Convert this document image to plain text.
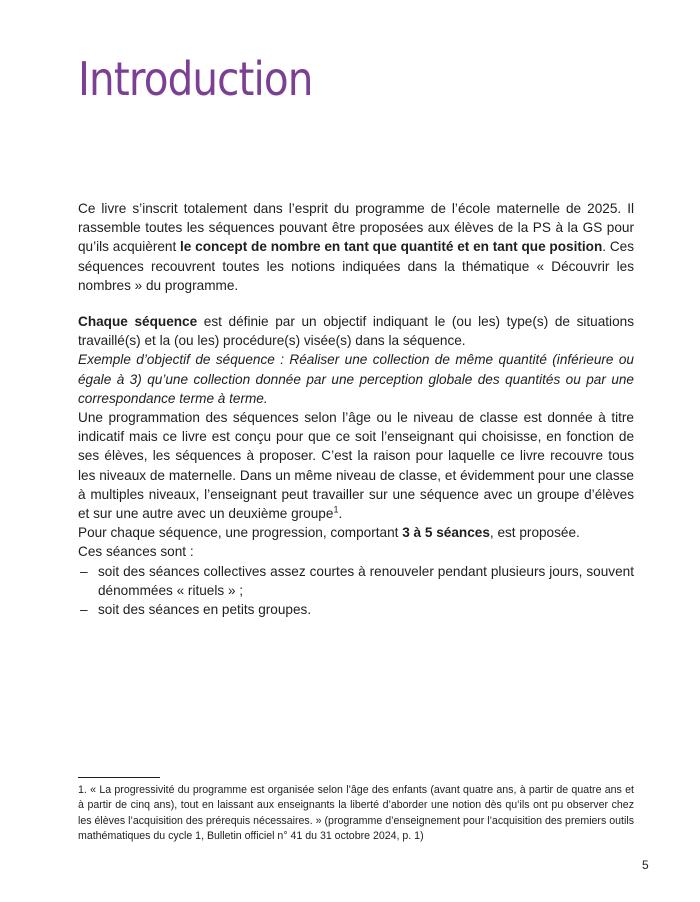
Introduction

Ce livre s’inscrit totalement dans l’esprit du programme de l’école maternelle de 2025. Il rassemble toutes les séquences pouvant être proposées aux élèves de la PS à la GS pour qu’ils acquièrent le concept de nombre en tant que quantité et en tant que position. Ces séquences recouvrent toutes les notions indiquées dans la thématique « Découvrir les nombres » du programme.

Chaque séquence est définie par un objectif indiquant le (ou les) type(s) de situations travaillé(s) et la (ou les) procédure(s) visée(s) dans la séquence.

Exemple d’objectif de séquence : Réaliser une collection de même quantité (inférieure ou égale à 3) qu’une collection donnée par une perception globale des quantités ou par une correspondance terme à terme.

Une programmation des séquences selon l’âge ou le niveau de classe est donnée à titre indicatif mais ce livre est conçu pour que ce soit l’enseignant qui choisisse, en fonction de ses élèves, les séquences à proposer. C’est la raison pour laquelle ce livre recouvre tous les niveaux de maternelle. Dans un même niveau de classe, et évidemment pour une classe à multiples niveaux, l’enseignant peut travailler sur une séquence avec un groupe d’élèves et sur une autre avec un deuxième groupe$^1$.

Pour chaque séquence, une progression, comportant 3 à 5 séances, est proposée.

Ces séances sont :

– soit des séances collectives assez courtes à renouveler pendant plusieurs jours, souvent dénommées « rituels » ;
– soit des séances en petits groupes.
1. « La progressivité du programme est organisée selon l’âge des enfants (avant quatre ans, à partir de quatre ans et à partir de cinq ans), tout en laissant aux enseignants la liberté d’aborder une notion dès qu’ils ont pu observer chez les élèves l’acquisition des prérequis nécessaires. » (programme d’enseignement pour l’acquisition des premiers outils mathématiques du cycle 1, Bulletin officiel n° 41 du 31 octobre 2024, p. 1)
5
